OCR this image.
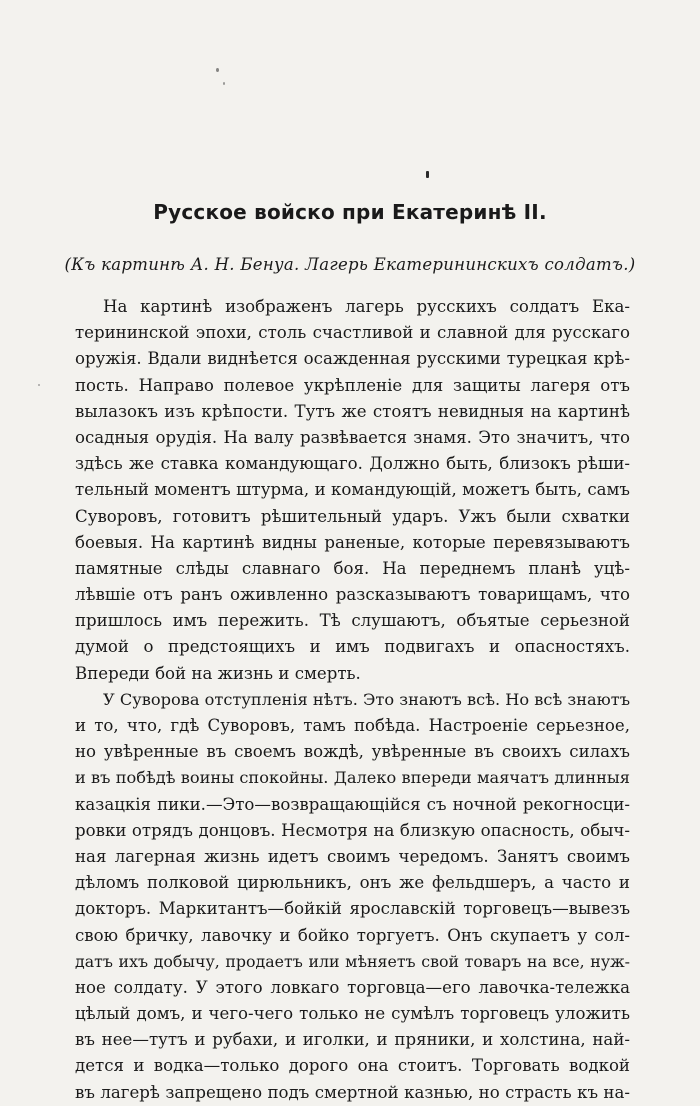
Русское войско при Екатеринѣ II.
(Къ картинѣ А. Н. Бенуа. Лагерь Екатерининскихъ солдатъ.)
На картинѣ изображенъ лагерь русскихъ солдатъ Ека-
терининской эпохи, столь счастливой и славной для русскаго
оружія. Вдали виднѣется осажденная русскими турецкая крѣ-
пость. Направо полевое укрѣпленіе для защиты лагеря отъ
вылазокъ изъ крѣпости. Тутъ же стоятъ невидныя на картинѣ
осадныя орудія. На валу развѣвается знамя. Это значитъ, что
здѣсь же ставка командующаго. Должно быть, близокъ рѣши-
тельный моментъ штурма, и командующій, можетъ быть, самъ
Суворовъ, готовитъ рѣшительный ударъ. Ужъ были схватки
боевыя. На картинѣ видны раненые, которые перевязываютъ
памятные слѣды славнаго боя. На переднемъ планѣ уцѣ-
лѣвшіе отъ ранъ оживленно разсказываютъ товарищамъ, что
пришлось имъ пережить. Тѣ слушаютъ, объятые серьезной
думой о предстоящихъ и имъ подвигахъ и опасностяхъ.
Впереди бой на жизнь и смерть.
У Суворова отступленія нѣтъ. Это знаютъ всѣ. Но всѣ знаютъ
и то, что, гдѣ Суворовъ, тамъ побѣда. Настроеніе серьезное,
но увѣренные въ своемъ вождѣ, увѣренные въ своихъ силахъ
и въ побѣдѣ воины спокойны. Далеко впереди маячатъ длинныя
казацкія пики.—Это—возвращающійся съ ночной рекогносци-
ровки отрядъ донцовъ. Несмотря на близкую опасность, обыч-
ная лагерная жизнь идетъ своимъ чередомъ. Занятъ своимъ
дѣломъ полковой цирюльникъ, онъ же фельдшеръ, а часто и
докторъ. Маркитантъ—бойкій ярославскій торговецъ—вывезъ
свою бричку, лавочку и бойко торгуетъ. Онъ скупаетъ у сол-
датъ ихъ добычу, продаетъ или мѣняетъ свой товаръ на все, нуж-
ное солдату. У этого ловкаго торговца—его лавочка-тележка
цѣлый домъ, и чего-чего только не сумѣлъ торговецъ уложить
въ нее—тутъ и рубахи, и иголки, и пряники, и холстина, най-
дется и водка—только дорого она стоитъ. Торговать водкой
въ лагерѣ запрещено подъ смертной казнью, но страсть къ на-
